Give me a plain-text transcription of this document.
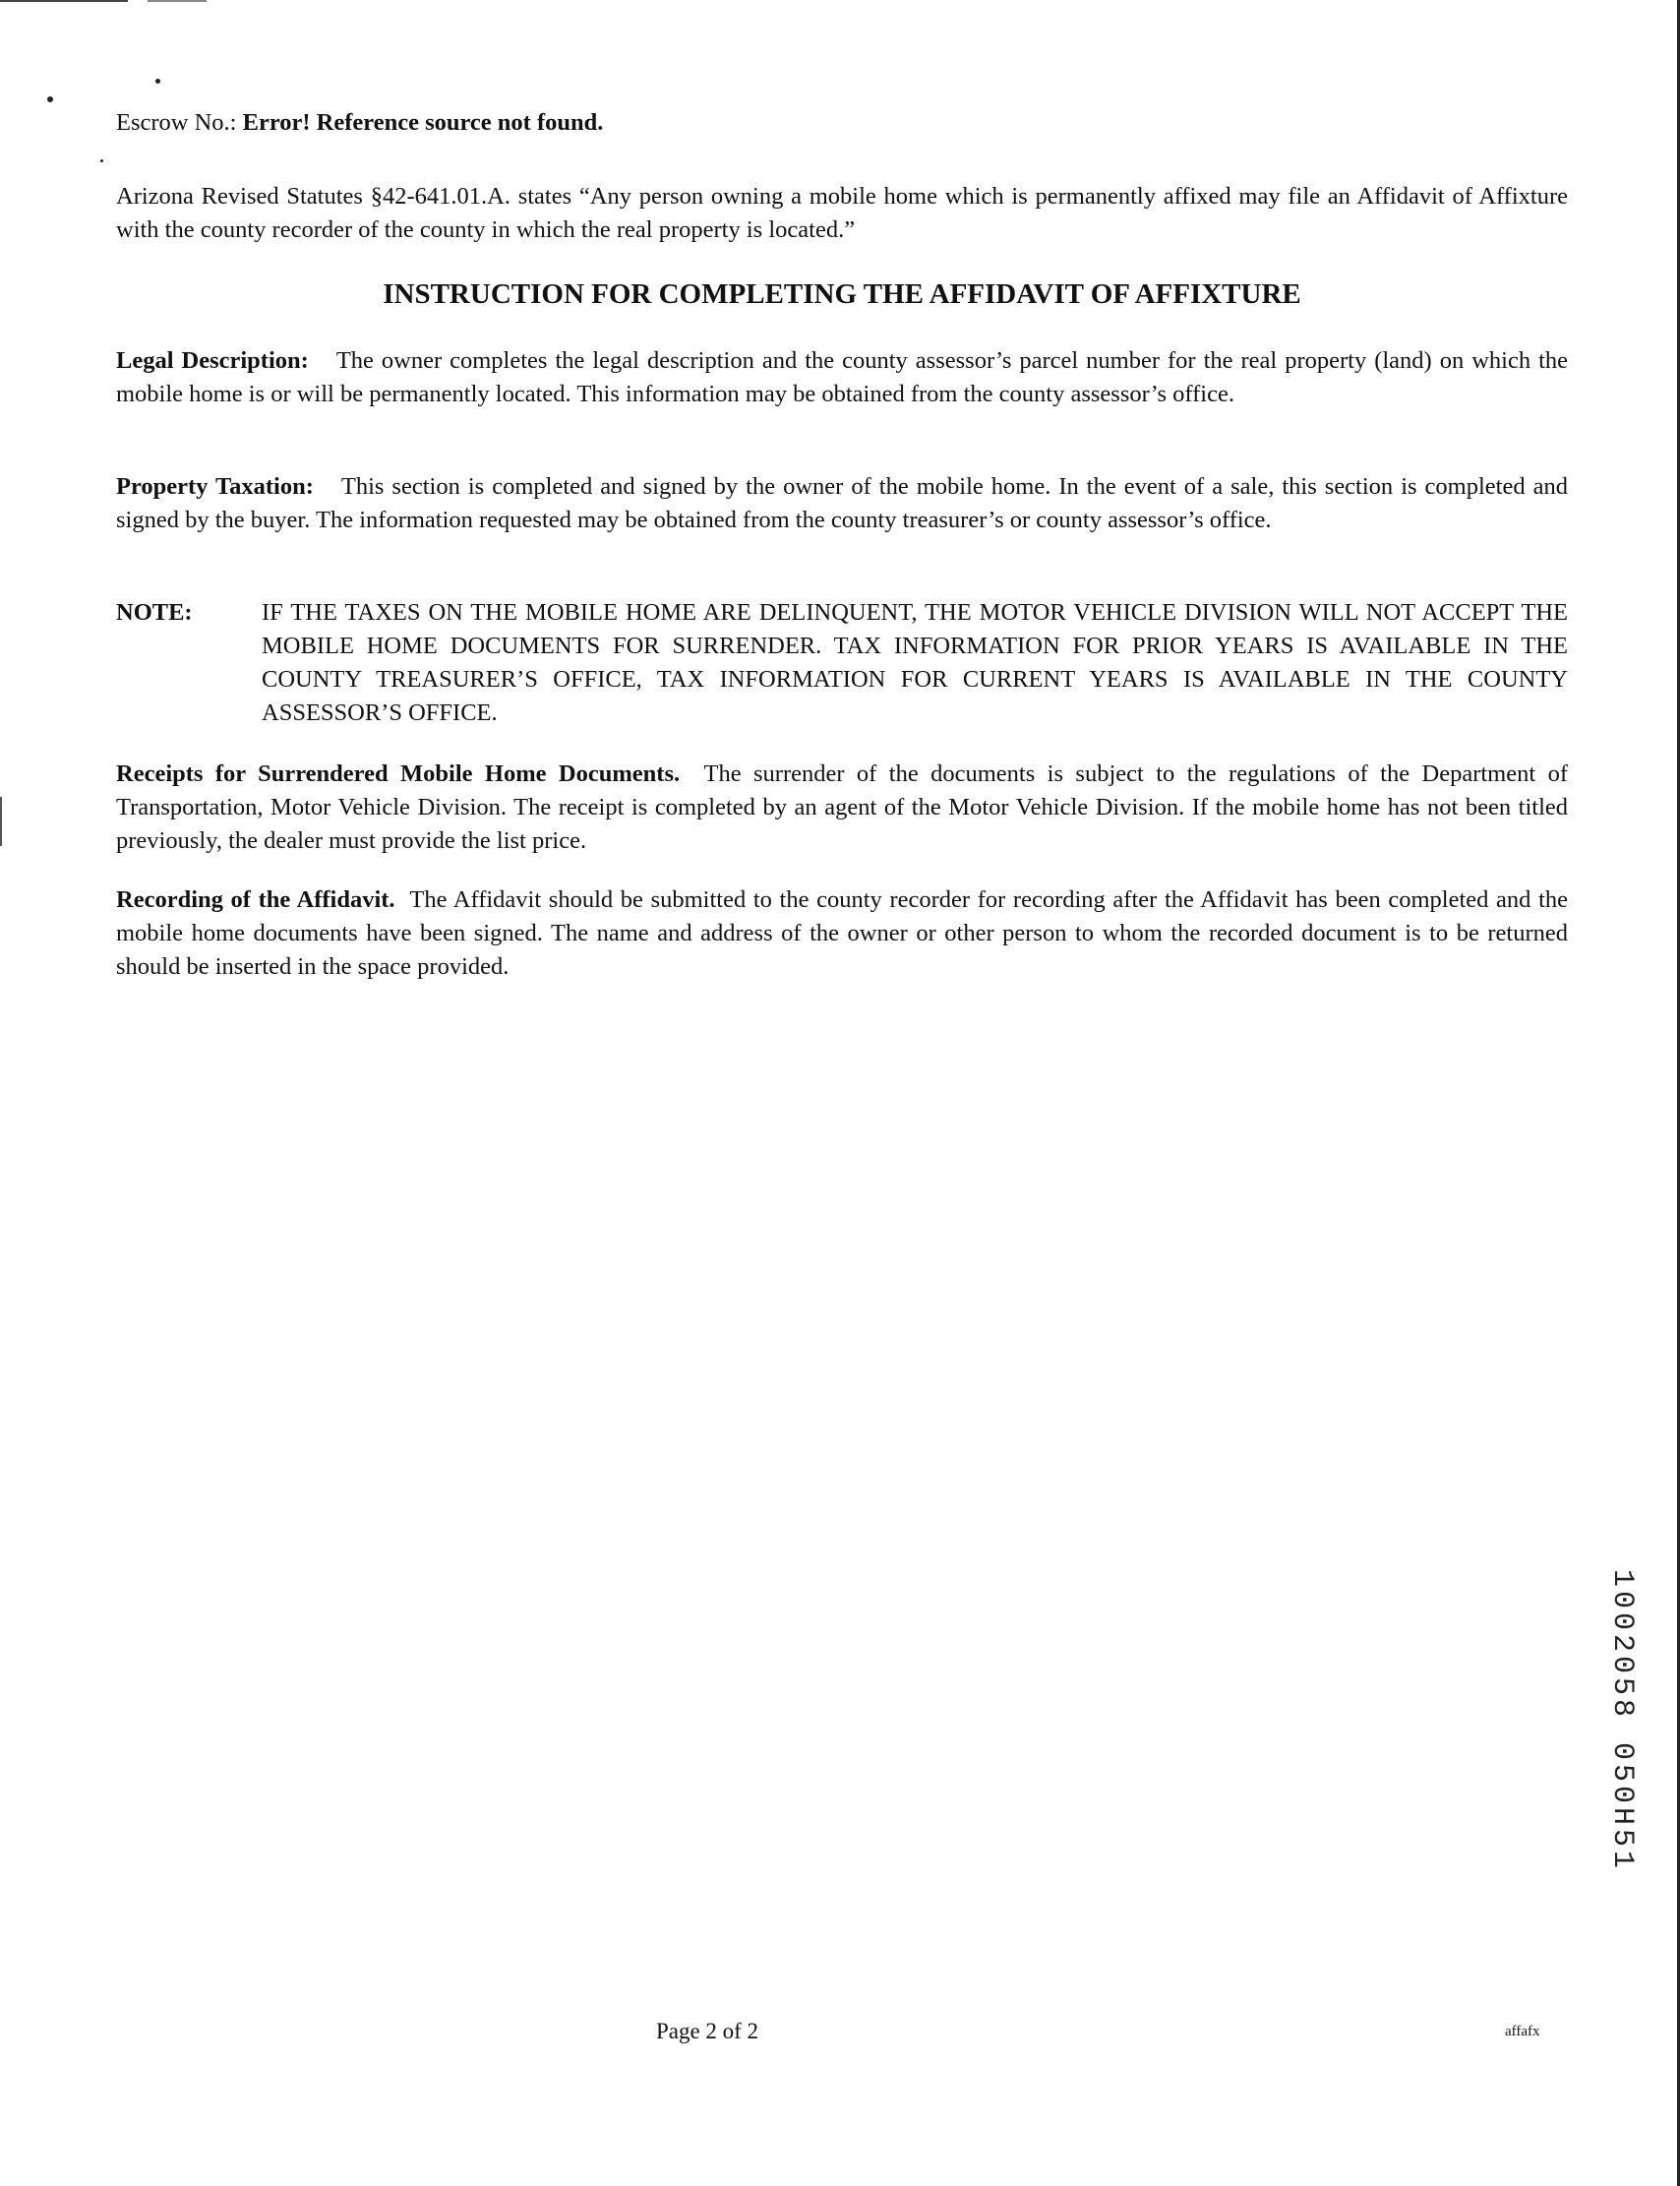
Escrow No.: Error! Reference source not found.

Arizona Revised Statutes §42-641.01.A. states “Any person owning a mobile home which is permanently affixed may file an Affidavit of Affixture with the county recorder of the county in which the real property is located.”

INSTRUCTION FOR COMPLETING THE AFFIDAVIT OF AFFIXTURE

Legal Description: The owner completes the legal description and the county assessor’s parcel number for the real property (land) on which the mobile home is or will be permanently located. This information may be obtained from the county assessor’s office.

Property Taxation: This section is completed and signed by the owner of the mobile home. In the event of a sale, this section is completed and signed by the buyer. The information requested may be obtained from the county treasurer’s or county assessor’s office.

NOTE:	IF THE TAXES ON THE MOBILE HOME ARE DELINQUENT, THE MOTOR VEHICLE DIVISION WILL NOT ACCEPT THE MOBILE HOME DOCUMENTS FOR SURRENDER. TAX INFORMATION FOR PRIOR YEARS IS AVAILABLE IN THE COUNTY TREASURER’S OFFICE, TAX INFORMATION FOR CURRENT YEARS IS AVAILABLE IN THE COUNTY ASSESSOR’S OFFICE.

Receipts for Surrendered Mobile Home Documents. The surrender of the documents is subject to the regulations of the Department of Transportation, Motor Vehicle Division. The receipt is completed by an agent of the Motor Vehicle Division. If the mobile home has not been titled previously, the dealer must provide the list price.

Recording of the Affidavit. The Affidavit should be submitted to the county recorder for recording after the Affidavit has been completed and the mobile home documents have been signed. The name and address of the owner or other person to whom the recorded document is to be returned should be inserted in the space provided.

1002058 050H51
Page 2 of 2	affafx
